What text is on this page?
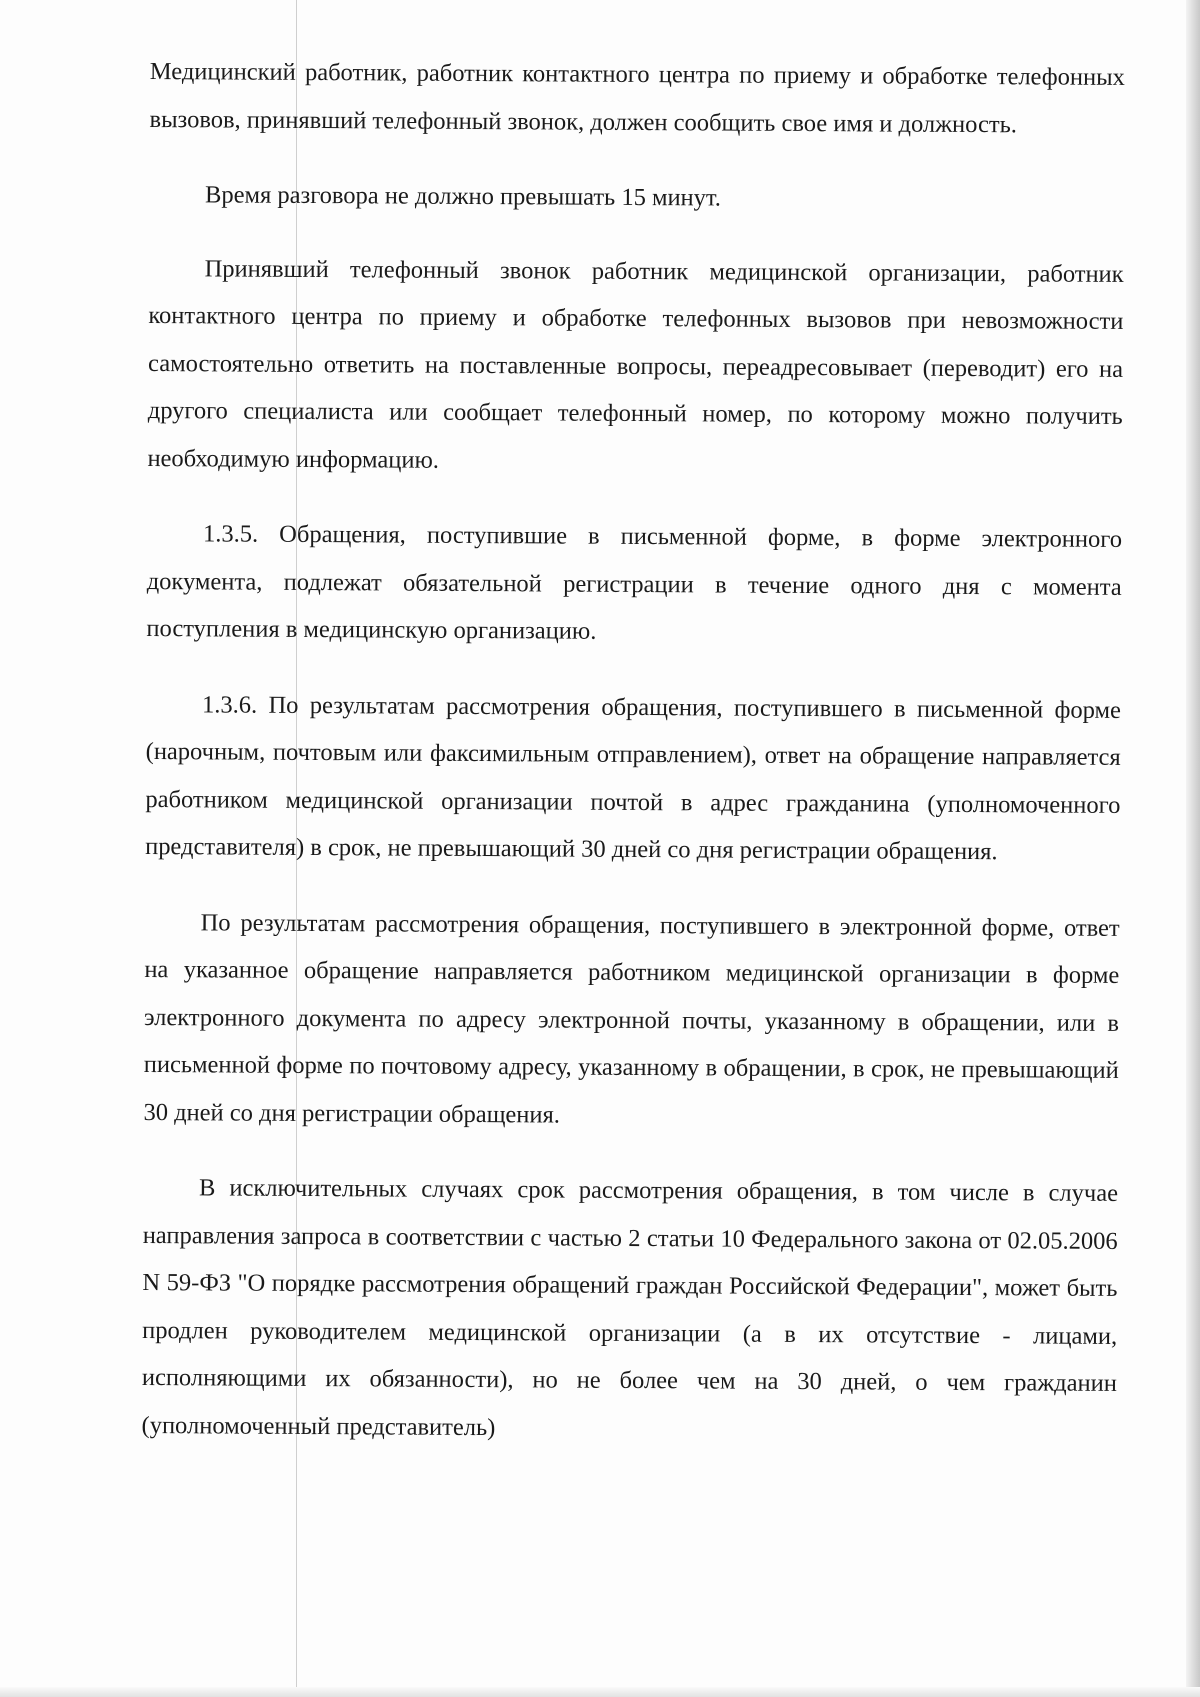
Медицинский работник, работник контактного центра по приему и обработке телефонных вызовов, принявший телефонный звонок, должен сообщить свое имя и должность.

Время разговора не должно превышать 15 минут.

Принявший телефонный звонок работник медицинской организации, работник контактного центра по приему и обработке телефонных вызовов при невозможности самостоятельно ответить на поставленные вопросы, переадресовывает (переводит) его на другого специалиста или сообщает телефонный номер, по которому можно получить необходимую информацию.

1.3.5. Обращения, поступившие в письменной форме, в форме электронного документа, подлежат обязательной регистрации в течение одного дня с момента поступления в медицинскую организацию.

1.3.6. По результатам рассмотрения обращения, поступившего в письменной форме (нарочным, почтовым или факсимильным отправлением), ответ на обращение направляется работником медицинской организации почтой в адрес гражданина (уполномоченного представителя) в срок, не превышающий 30 дней со дня регистрации обращения.

По результатам рассмотрения обращения, поступившего в электронной форме, ответ на указанное обращение направляется работником медицинской организации в форме электронного документа по адресу электронной почты, указанному в обращении, или в письменной форме по почтовому адресу, указанному в обращении, в срок, не превышающий 30 дней со дня регистрации обращения.

В исключительных случаях срок рассмотрения обращения, в том числе в случае направления запроса в соответствии с частью 2 статьи 10 Федерального закона от 02.05.2006 N 59-ФЗ "О порядке рассмотрения обращений граждан Российской Федерации", может быть продлен руководителем медицинской организации (а в их отсутствие - лицами, исполняющими их обязанности), но не более чем на 30 дней, о чем гражданин (уполномоченный представитель)
